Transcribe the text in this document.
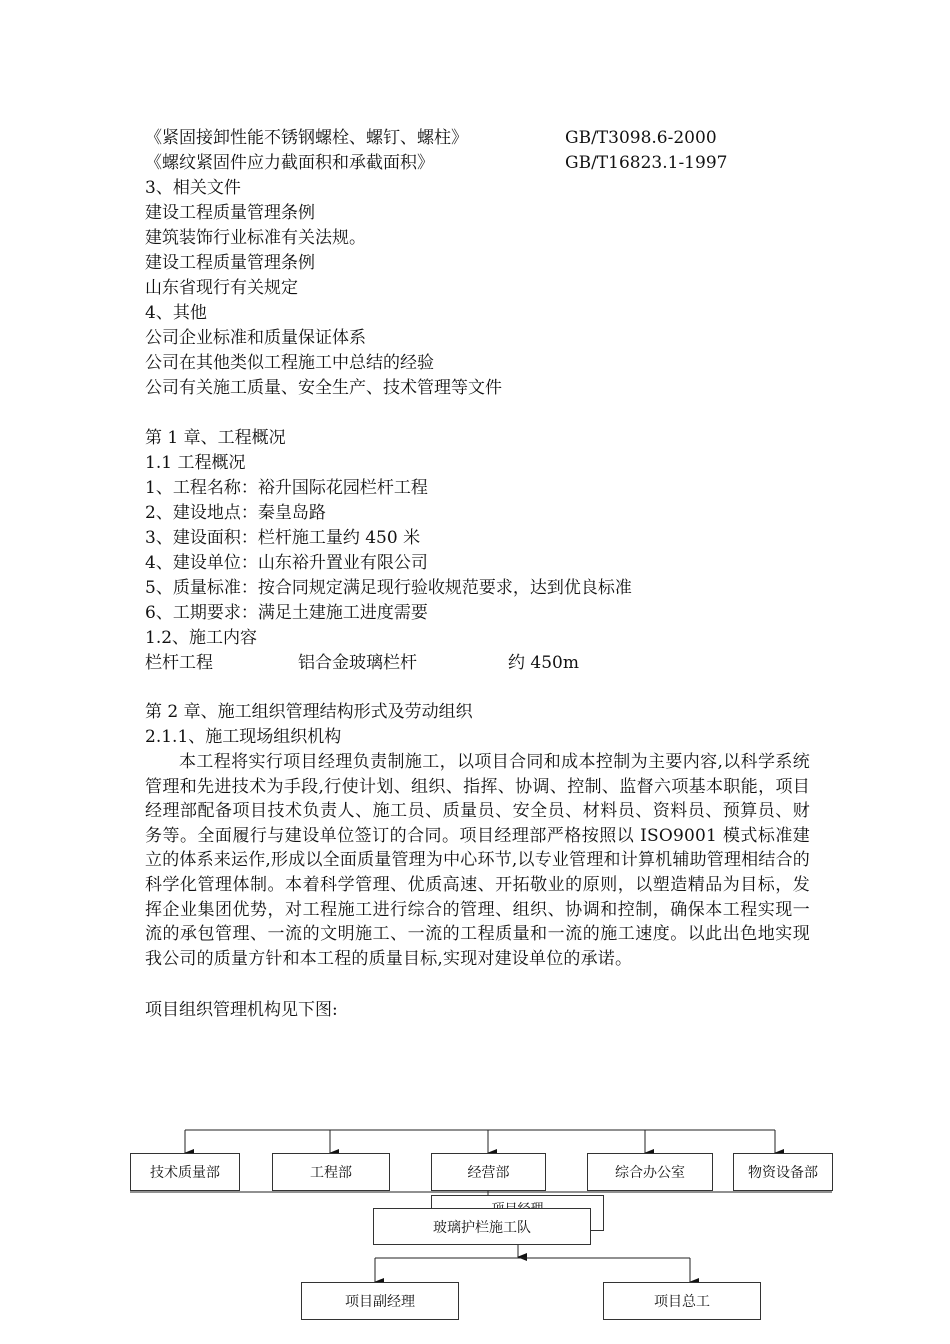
《紧固接卸性能不锈钢螺栓、螺钉、螺柱》	GB/T3098.6-2000

《螺纹紧固件应力截面积和承截面积》	GB/T16823.1-1997

3、相关文件

建设工程质量管理条例

建筑装饰行业标准有关法规。

建设工程质量管理条例

山东省现行有关规定

4、其他

公司企业标准和质量保证体系

公司在其他类似工程施工中总结的经验

公司有关施工质量、安全生产、技术管理等文件

第 1 章、工程概况

1.1 工程概况

1、工程名称：裕升国际花园栏杆工程

2、建设地点：秦皇岛路

3、建设面积：栏杆施工量约 450 米

4、建设单位：山东裕升置业有限公司

5、质量标准：按合同规定满足现行验收规范要求，达到优良标准

6、工期要求：满足土建施工进度需要

1.2、施工内容

栏杆工程	铝合金玻璃栏杆	约 450m

第 2 章、施工组织管理结构形式及劳动组织

2.1.1、施工现场组织机构

本工程将实行项目经理负责制施工，以项目合同和成本控制为主要内容,以科学系统管理和先进技术为手段,行使计划、组织、指挥、协调、控制、监督六项基本职能，项目经理部配备项目技术负责人、施工员、质量员、安全员、材料员、资料员、预算员、财务等。全面履行与建设单位签订的合同。项目经理部严格按照以 ISO9001 模式标准建立的体系来运作,形成以全面质量管理为中心环节,以专业管理和计算机辅助管理相结合的科学化管理体制。本着科学管理、优质高速、开拓敬业的原则，以塑造精品为目标，发挥企业集团优势，对工程施工进行综合的管理、组织、协调和控制，确保本工程实现一流的承包管理、一流的文明施工、一流的工程质量和一流的施工速度。以此出色地实现我公司的质量方针和本工程的质量目标,实现对建设单位的承诺。

项目组织管理机构见下图:

技术质量部	工程部	经营部	综合办公室	物资设备部
玻璃护栏施工队
项目副经理	项目总工
